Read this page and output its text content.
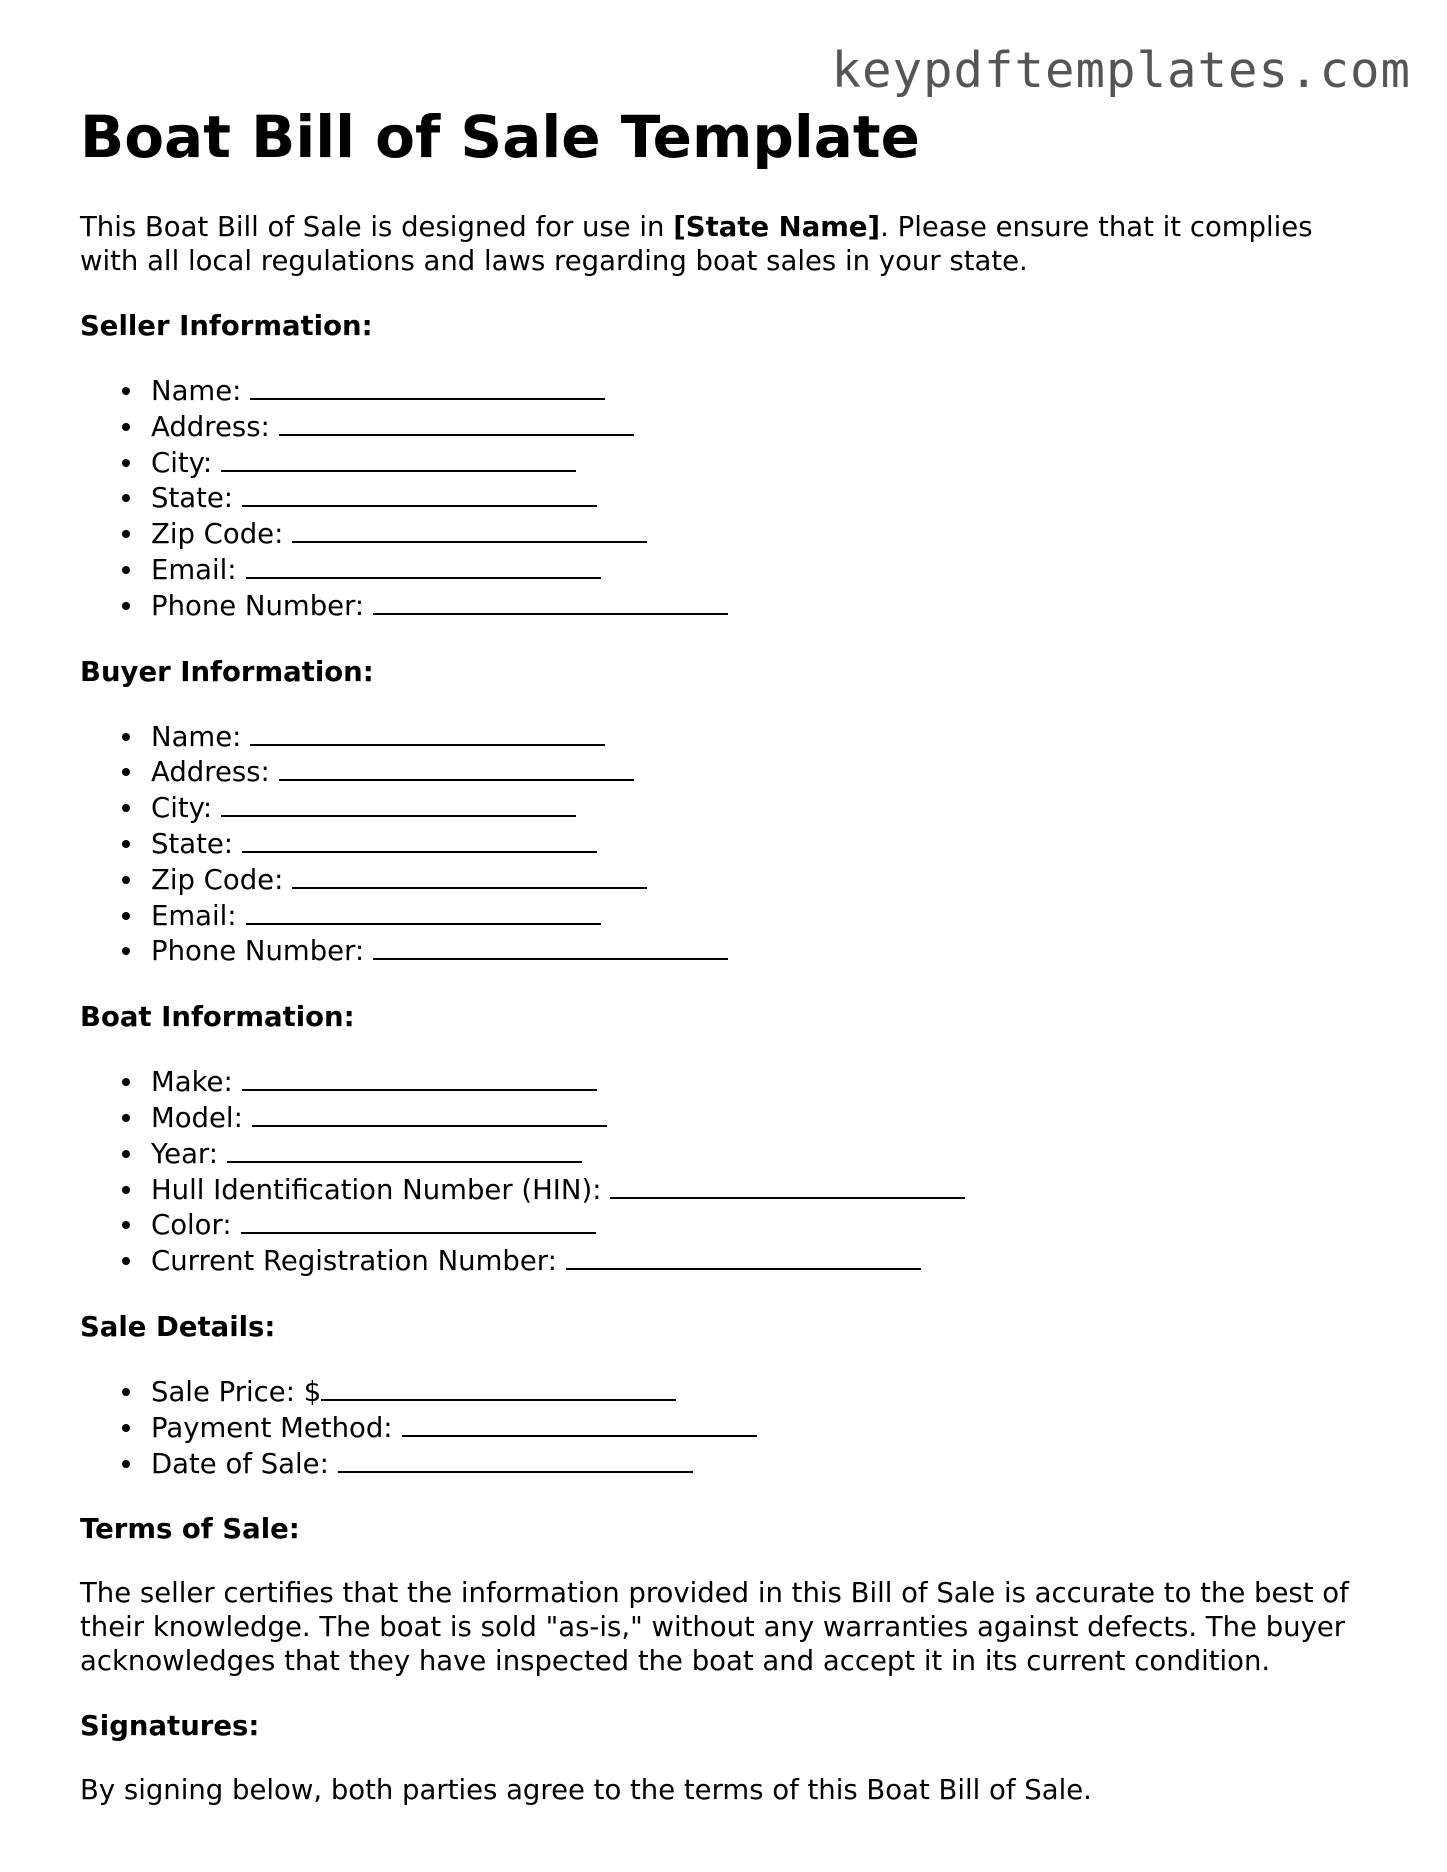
keypdftemplates.com
Boat Bill of Sale Template

This Boat Bill of Sale is designed for use in [State Name]. Please ensure that it complies with all local regulations and laws regarding boat sales in your state.

Seller Information:
Name:
Address:
City:
State:
Zip Code:
Email:
Phone Number:
Buyer Information:
Name:
Address:
City:
State:
Zip Code:
Email:
Phone Number:
Boat Information:
Make:
Model:
Year:
Hull Identification Number (HIN):
Color:
Current Registration Number:
Sale Details:
Sale Price: $
Payment Method:
Date of Sale:
Terms of Sale:

The seller certifies that the information provided in this Bill of Sale is accurate to the best of their knowledge. The boat is sold "as-is," without any warranties against defects. The buyer acknowledges that they have inspected the boat and accept it in its current condition.

Signatures:

By signing below, both parties agree to the terms of this Boat Bill of Sale.
